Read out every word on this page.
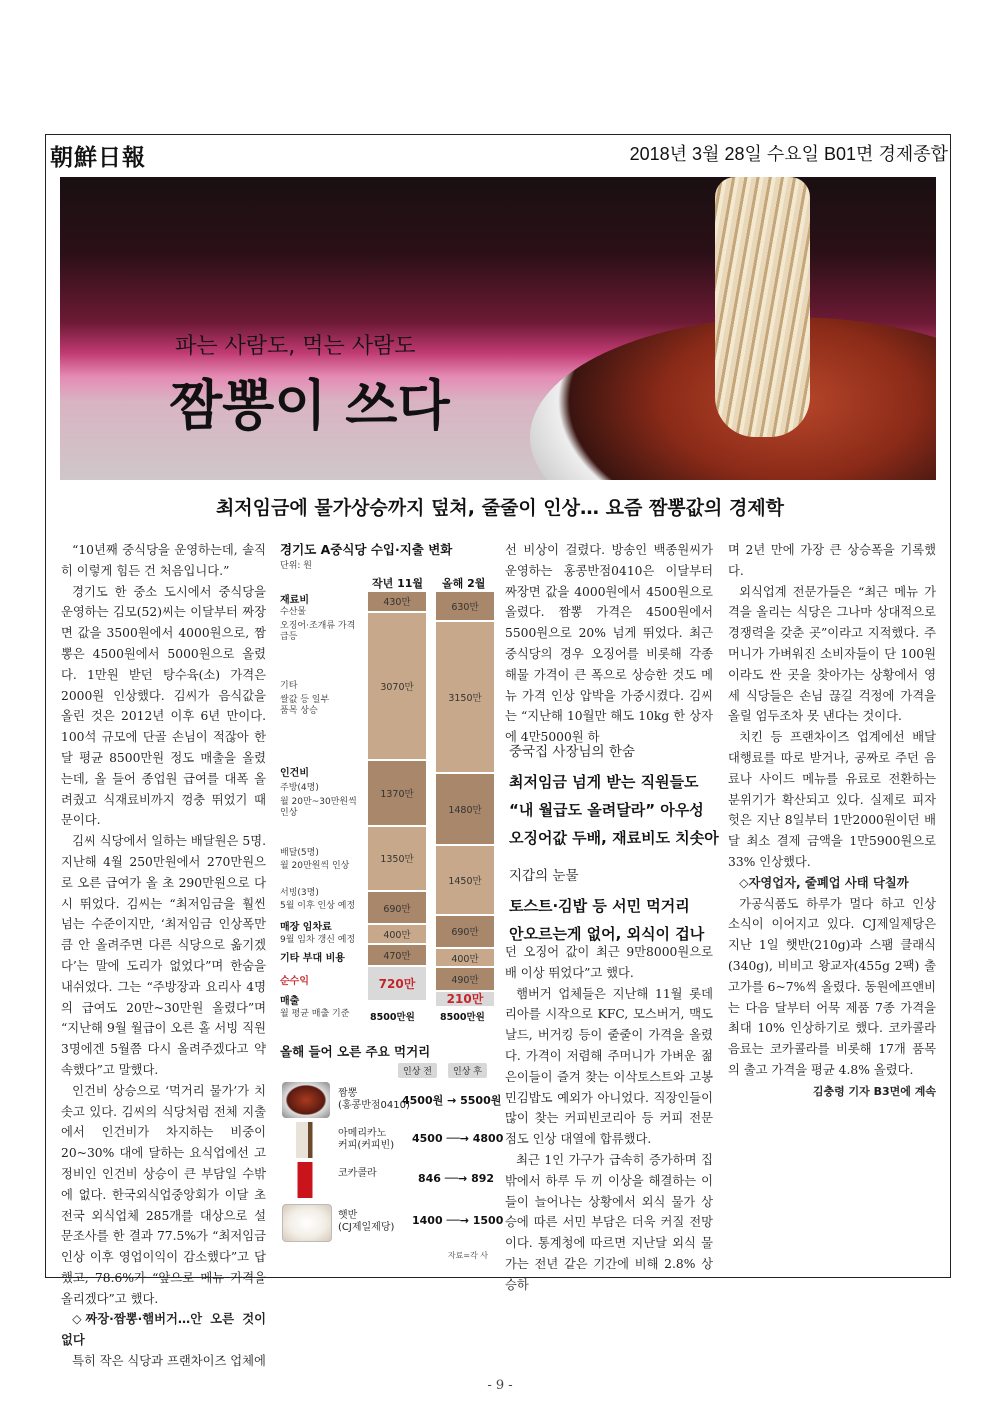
朝鮮日報	2018년 3월 28일 수요일 B01면 경제종합
파는 사람도, 먹는 사람도
짬뽕이 쓰다
최저임금에 물가상승까지 덮쳐, 줄줄이 인상… 요즘 짬뽕값의 경제학

“10년째 중식당을 운영하는데, 솔직히 이렇게 힘든 건 처음입니다.”

경기도 한 중소 도시에서 중식당을 운영하는 김모(52)씨는 이달부터 짜장면 값을 3500원에서 4000원으로, 짬뽕은 4500원에서 5000원으로 올렸다. 1만원 받던 탕수육(소) 가격은 2000원 인상했다. 김씨가 음식값을 올린 것은 2012년 이후 6년 만이다. 100석 규모에 단골 손님이 적잖아 한 달 평균 8500만원 정도 매출을 올렸는데, 올 들어 종업원 급여를 대폭 올려줬고 식재료비까지 껑충 뛰었기 때문이다.

김씨 식당에서 일하는 배달원은 5명. 지난해 4월 250만원에서 270만원으로 오른 급여가 올 초 290만원으로 다시 뛰었다. 김씨는 “최저임금을 훨씬 넘는 수준이지만, ‘최저임금 인상폭만큼 안 올려주면 다른 식당으로 옮기겠다’는 말에 도리가 없었다”며 한숨을 내쉬었다. 그는 “주방장과 요리사 4명의 급여도 20만~30만원 올렸다”며 “지난해 9월 월급이 오른 홀 서빙 직원 3명에겐 5월쯤 다시 올려주겠다고 약속했다”고 말했다.

인건비 상승으로 ‘먹거리 물가’가 치솟고 있다. 김씨의 식당처럼 전체 지출에서 인건비가 차지하는 비중이 20~30% 대에 달하는 요식업에선 고정비인 인건비 상승이 큰 부담일 수밖에 없다. 한국외식업중앙회가 이달 초 전국 외식업체 285개를 대상으로 설문조사를 한 결과 77.5%가 “최저임금 인상 이후 영업이익이 감소했다”고 답했고, 78.6%가 “앞으로 메뉴 가격을 올리겠다”고 했다.

◇짜장·짬뽕·햄버거…안 오른 것이 없다

특히 작은 식당과 프랜차이즈 업체에

경기도 A중식당 수입·지출 변화
단위: 원
작년 11월 올해 2월
430만
3070만
1370만
1350만
690만
400만
470만
720만
630만
3150만
1480만
1450만
690만
400만
490만
210만
재료비
수산물
오징어·조개류 가격 급등
기타
쌀값 등 일부 품목 상승
인건비
주방(4명)
월 20만~30만원씩 인상
배달(5명)
월 20만원씩 인상
서빙(3명)
5월 이후 인상 예정
매장 임차료
9월 임차 갱신 예정
기타 부대 비용
순수익
매출
월 평균 매출 기준	8500만원	8500만원
올해 들어 오른 주요 먹거리
인상 전	인상 후
짬뽕
(홍콩반점0410)
4500원 → 5500원
아메리카노
커피(커피빈)
4500 ──→ 4800
코카콜라	846 ──→ 892
햇반
(CJ제일제당)
1400 ──→ 1500
자료=각 사

선 비상이 걸렸다. 방송인 백종원씨가 운영하는 홍콩반점0410은 이달부터 짜장면 값을 4000원에서 4500원으로 올렸다. 짬뽕 가격은 4500원에서 5500원으로 20% 넘게 뛰었다. 최근 중식당의 경우 오징어를 비롯해 각종 해물 가격이 큰 폭으로 상승한 것도 메뉴 가격 인상 압박을 가중시켰다. 김씨는 “지난해 10월만 해도 10kg 한 상자에 4만5000원 하

중국집 사장님의 한숨
최저임금 넘게 받는 직원들도
“내 월급도 올려달라” 아우성
오징어값 두배, 재료비도 치솟아
지갑의 눈물
토스트·김밥 등 서민 먹거리
안오르는게 없어, 외식이 겁나

던 오징어 값이 최근 9만8000원으로 배 이상 뛰었다”고 했다.

햄버거 업체들은 지난해 11월 롯데리아를 시작으로 KFC, 모스버거, 맥도날드, 버거킹 등이 줄줄이 가격을 올렸다. 가격이 저렴해 주머니가 가벼운 젊은이들이 즐겨 찾는 이삭토스트와 고봉민김밥도 예외가 아니었다. 직장인들이 많이 찾는 커피빈코리아 등 커피 전문점도 인상 대열에 합류했다.

최근 1인 가구가 급속히 증가하며 집 밖에서 하루 두 끼 이상을 해결하는 이들이 늘어나는 상황에서 외식 물가 상승에 따른 서민 부담은 더욱 커질 전망이다. 통계청에 따르면 지난달 외식 물가는 전년 같은 기간에 비해 2.8% 상승하

며 2년 만에 가장 큰 상승폭을 기록했다.

외식업계 전문가들은 “최근 메뉴 가격을 올리는 식당은 그나마 상대적으로 경쟁력을 갖춘 곳”이라고 지적했다. 주머니가 가벼워진 소비자들이 단 100원이라도 싼 곳을 찾아가는 상황에서 영세 식당들은 손님 끊길 걱정에 가격을 올릴 엄두조차 못 낸다는 것이다.

치킨 등 프랜차이즈 업계에선 배달 대행료를 따로 받거나, 공짜로 주던 음료나 사이드 메뉴를 유료로 전환하는 분위기가 확산되고 있다. 실제로 피자헛은 지난 8일부터 1만2000원이던 배달 최소 결제 금액을 1만5900원으로 33% 인상했다.

◇자영업자, 줄폐업 사태 닥칠까

가공식품도 하루가 멀다 하고 인상 소식이 이어지고 있다. CJ제일제당은 지난 1일 햇반(210g)과 스팸 클래식(340g), 비비고 왕교자(455g 2팩) 출고가를 6~7%씩 올렸다. 동원에프앤비는 다음 달부터 어묵 제품 7종 가격을 최대 10% 인상하기로 했다. 코카콜라음료는 코카콜라를 비롯해 17개 품목의 출고 가격을 평균 4.8% 올렸다.

김충령 기자 B3면에 계속

- 9 -
